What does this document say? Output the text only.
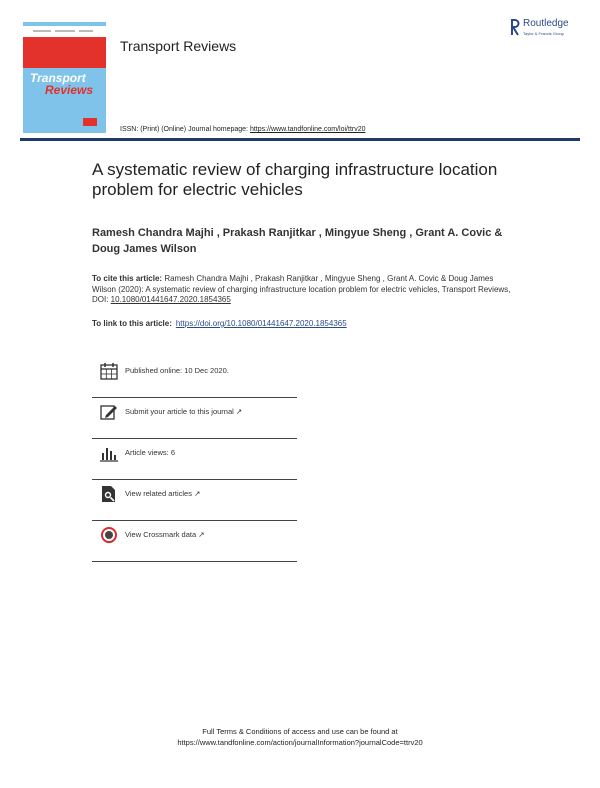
Transport
Reviews
Transport Reviews
Routledge
Taylor & Francis Group
ISSN: (Print) (Online) Journal homepage: https://www.tandfonline.com/loi/ttrv20
A systematic review of charging infrastructure location problem for electric vehicles
Ramesh Chandra Majhi , Prakash Ranjitkar , Mingyue Sheng , Grant A. Covic & Doug James Wilson
To cite this article: Ramesh Chandra Majhi , Prakash Ranjitkar , Mingyue Sheng , Grant A. Covic & Doug James Wilson (2020): A systematic review of charging infrastructure location problem for electric vehicles, Transport Reviews, DOI: 10.1080/01441647.2020.1854365
To link to this article: https://doi.org/10.1080/01441647.2020.1854365
Published online: 10 Dec 2020.
Submit your article to this journal ↗
Article views: 6
View related articles ↗
View Crossmark data ↗
Full Terms & Conditions of access and use can be found at
https://www.tandfonline.com/action/journalInformation?journalCode=ttrv20
